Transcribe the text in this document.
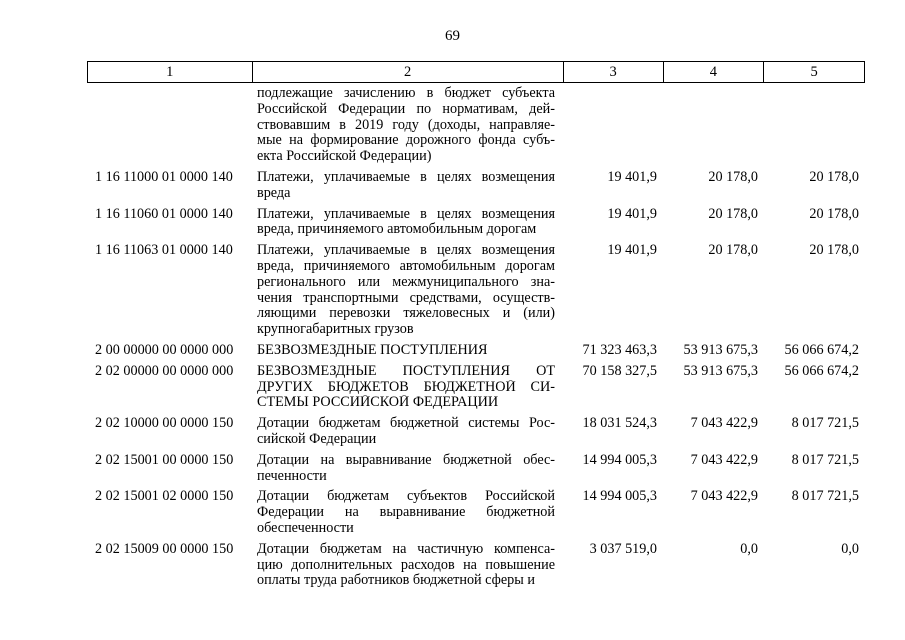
69
1	2	3	4	5
подлежащие зачислению в бюджет субъекта
Российской Федерации по нормативам, дей-
ствовавшим в 2019 году (доходы, направляе-
мые на формирование дорожного фонда субъ-
екта Российской Федерации)
1 16 11000 01 0000 140	Платежи, уплачиваемые в целях возмещения
вреда
19 401,9	20 178,0	20 178,0
1 16 11060 01 0000 140	Платежи, уплачиваемые в целях возмещения
вреда, причиняемого автомобильным дорогам
19 401,9	20 178,0	20 178,0
1 16 11063 01 0000 140	Платежи, уплачиваемые в целях возмещения
вреда, причиняемого автомобильным дорогам
регионального или межмуниципального зна-
чения транспортными средствами, осуществ-
ляющими перевозки тяжеловесных и (или)
крупногабаритных грузов
19 401,9	20 178,0	20 178,0
2 00 00000 00 0000 000	БЕЗВОЗМЕЗДНЫЕ ПОСТУПЛЕНИЯ	71 323 463,3	53 913 675,3	56 066 674,2
2 02 00000 00 0000 000	БЕЗВОЗМЕЗДНЫЕ ПОСТУПЛЕНИЯ ОТ
ДРУГИХ БЮДЖЕТОВ БЮДЖЕТНОЙ СИ-
СТЕМЫ РОССИЙСКОЙ ФЕДЕРАЦИИ
70 158 327,5	53 913 675,3	56 066 674,2
2 02 10000 00 0000 150	Дотации бюджетам бюджетной системы Рос-
сийской Федерации
18 031 524,3	7 043 422,9	8 017 721,5
2 02 15001 00 0000 150	Дотации на выравнивание бюджетной обес-
печенности
14 994 005,3	7 043 422,9	8 017 721,5
2 02 15001 02 0000 150	Дотации бюджетам субъектов Российской
Федерации на выравнивание бюджетной
обеспеченности
14 994 005,3	7 043 422,9	8 017 721,5
2 02 15009 00 0000 150	Дотации бюджетам на частичную компенса-
цию дополнительных расходов на повышение
оплаты труда работников бюджетной сферы и
3 037 519,0	0,0	0,0
